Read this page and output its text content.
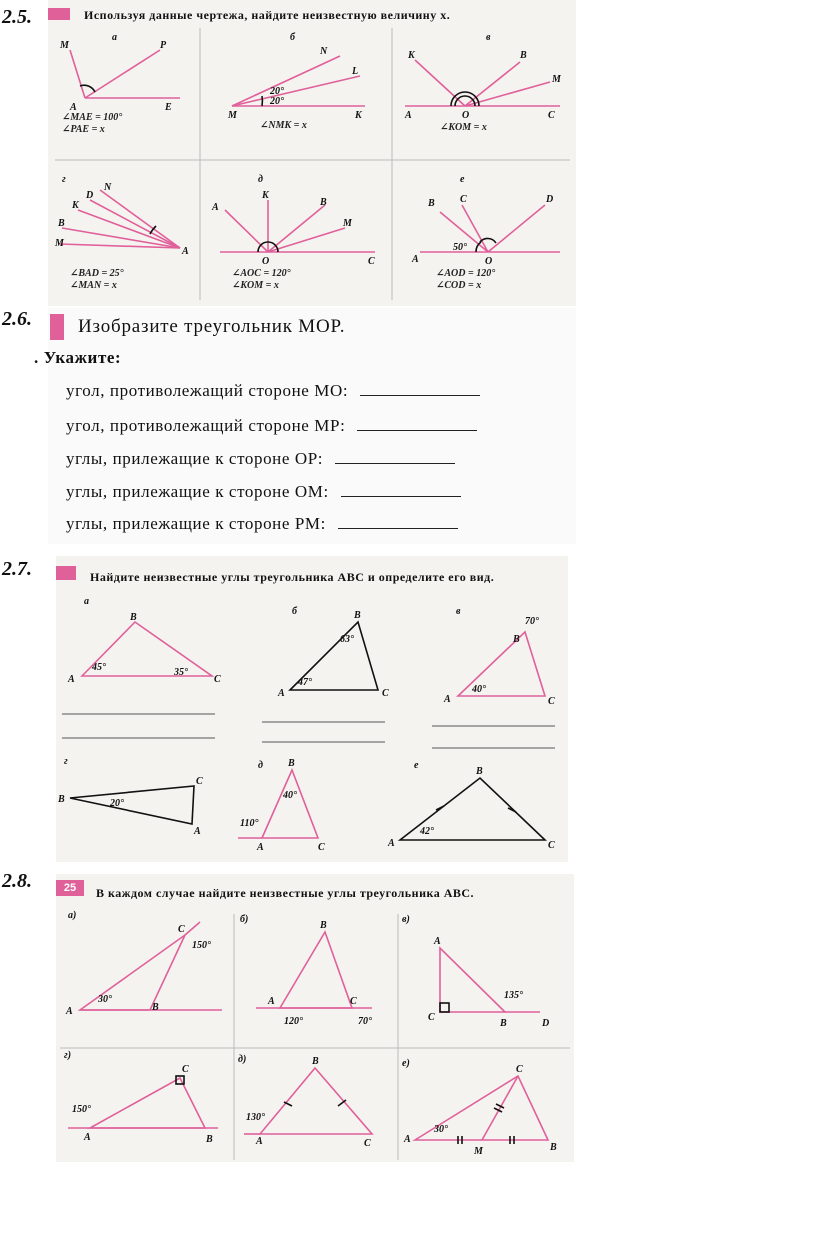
2.5.	Используя данные чертежа, найдите неизвестную величину x.
а
M	P
A	E
∠MAE = 100°
∠PAE = x
б
N
L
M	K
20°
20°
∠NMK = x
в
K	B
M
A	O	C
∠KOM = x
г
N
D
K
B
M
A
∠BAD = 25°
∠MAN = x
д
K
A	B
M
O	C
∠AOC = 120°
∠KOM = x
е
B	C	D
A	O
50°
∠AOD = 120°
∠COD = x
2.6. Изобразите треугольник MOP.
. Укажите:
угол, противолежащий стороне MO:
угол, противолежащий стороне MP:
углы, прилежащие к стороне OP:
углы, прилежащие к стороне OM:
углы, прилежащие к стороне PM:
2.7.	Найдите неизвестные углы треугольника ABC и определите его вид.
а
B
A	C
45°	35°
б	B
A	C
63°
47°
в
B
A	C
70°
40°
г
B
C
A
20°
д	B
A	C
40°
110°
е
B
A	C
42°
2.8.	25	В каждом случае найдите неизвестные углы треугольника ABC.
а)
C
A	B
150°
30°
б)
B
A	C
120°	70°
в)
A
C
B	D
135°
г)
C
A	B
150°
д)	B
A	C
130°
е)
C
A
M	B
30°
